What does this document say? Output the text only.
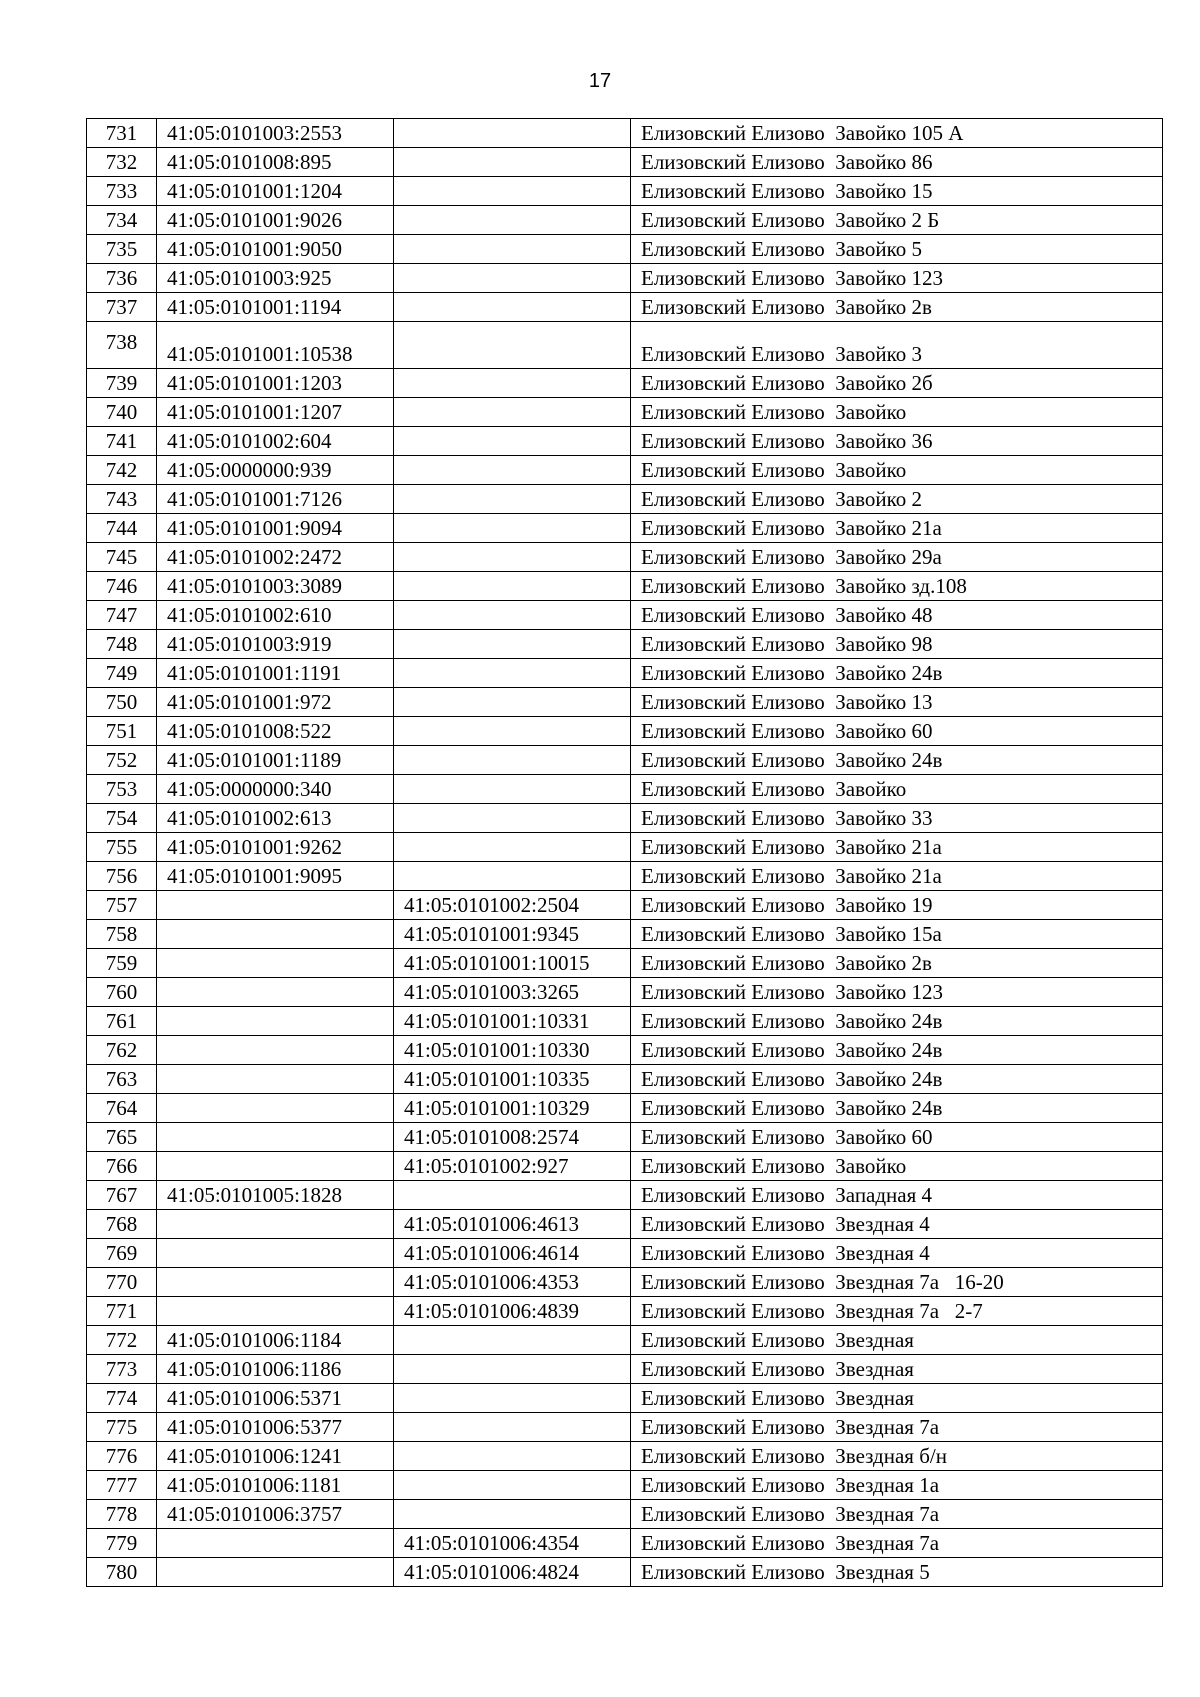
17
731	41:05:0101003:2553		Елизовский Елизово  Завойко 105 А
732	41:05:0101008:895		Елизовский Елизово  Завойко 86
733	41:05:0101001:1204		Елизовский Елизово  Завойко 15
734	41:05:0101001:9026		Елизовский Елизово  Завойко 2 Б
735	41:05:0101001:9050		Елизовский Елизово  Завойко 5
736	41:05:0101003:925		Елизовский Елизово  Завойко 123
737	41:05:0101001:1194		Елизовский Елизово  Завойко 2в
738	41:05:0101001:10538		Елизовский Елизово  Завойко 3
739	41:05:0101001:1203		Елизовский Елизово  Завойко 2б
740	41:05:0101001:1207		Елизовский Елизово  Завойко
741	41:05:0101002:604		Елизовский Елизово  Завойко 36
742	41:05:0000000:939		Елизовский Елизово  Завойко
743	41:05:0101001:7126		Елизовский Елизово  Завойко 2
744	41:05:0101001:9094		Елизовский Елизово  Завойко 21а
745	41:05:0101002:2472		Елизовский Елизово  Завойко 29а
746	41:05:0101003:3089		Елизовский Елизово  Завойко зд.108
747	41:05:0101002:610		Елизовский Елизово  Завойко 48
748	41:05:0101003:919		Елизовский Елизово  Завойко 98
749	41:05:0101001:1191		Елизовский Елизово  Завойко 24в
750	41:05:0101001:972		Елизовский Елизово  Завойко 13
751	41:05:0101008:522		Елизовский Елизово  Завойко 60
752	41:05:0101001:1189		Елизовский Елизово  Завойко 24в
753	41:05:0000000:340		Елизовский Елизово  Завойко
754	41:05:0101002:613		Елизовский Елизово  Завойко 33
755	41:05:0101001:9262		Елизовский Елизово  Завойко 21а
756	41:05:0101001:9095		Елизовский Елизово  Завойко 21а
757		41:05:0101002:2504	Елизовский Елизово  Завойко 19
758		41:05:0101001:9345	Елизовский Елизово  Завойко 15а
759		41:05:0101001:10015	Елизовский Елизово  Завойко 2в
760		41:05:0101003:3265	Елизовский Елизово  Завойко 123
761		41:05:0101001:10331	Елизовский Елизово  Завойко 24в
762		41:05:0101001:10330	Елизовский Елизово  Завойко 24в
763		41:05:0101001:10335	Елизовский Елизово  Завойко 24в
764		41:05:0101001:10329	Елизовский Елизово  Завойко 24в
765		41:05:0101008:2574	Елизовский Елизово  Завойко 60
766		41:05:0101002:927	Елизовский Елизово  Завойко
767	41:05:0101005:1828		Елизовский Елизово  Западная 4
768		41:05:0101006:4613	Елизовский Елизово  Звездная 4
769		41:05:0101006:4614	Елизовский Елизово  Звездная 4
770		41:05:0101006:4353	Елизовский Елизово  Звездная 7а   16-20
771		41:05:0101006:4839	Елизовский Елизово  Звездная 7а   2-7
772	41:05:0101006:1184		Елизовский Елизово  Звездная
773	41:05:0101006:1186		Елизовский Елизово  Звездная
774	41:05:0101006:5371		Елизовский Елизово  Звездная
775	41:05:0101006:5377		Елизовский Елизово  Звездная 7а
776	41:05:0101006:1241		Елизовский Елизово  Звездная б/н
777	41:05:0101006:1181		Елизовский Елизово  Звездная 1а
778	41:05:0101006:3757		Елизовский Елизово  Звездная 7а
779		41:05:0101006:4354	Елизовский Елизово  Звездная 7а
780		41:05:0101006:4824	Елизовский Елизово  Звездная 5
